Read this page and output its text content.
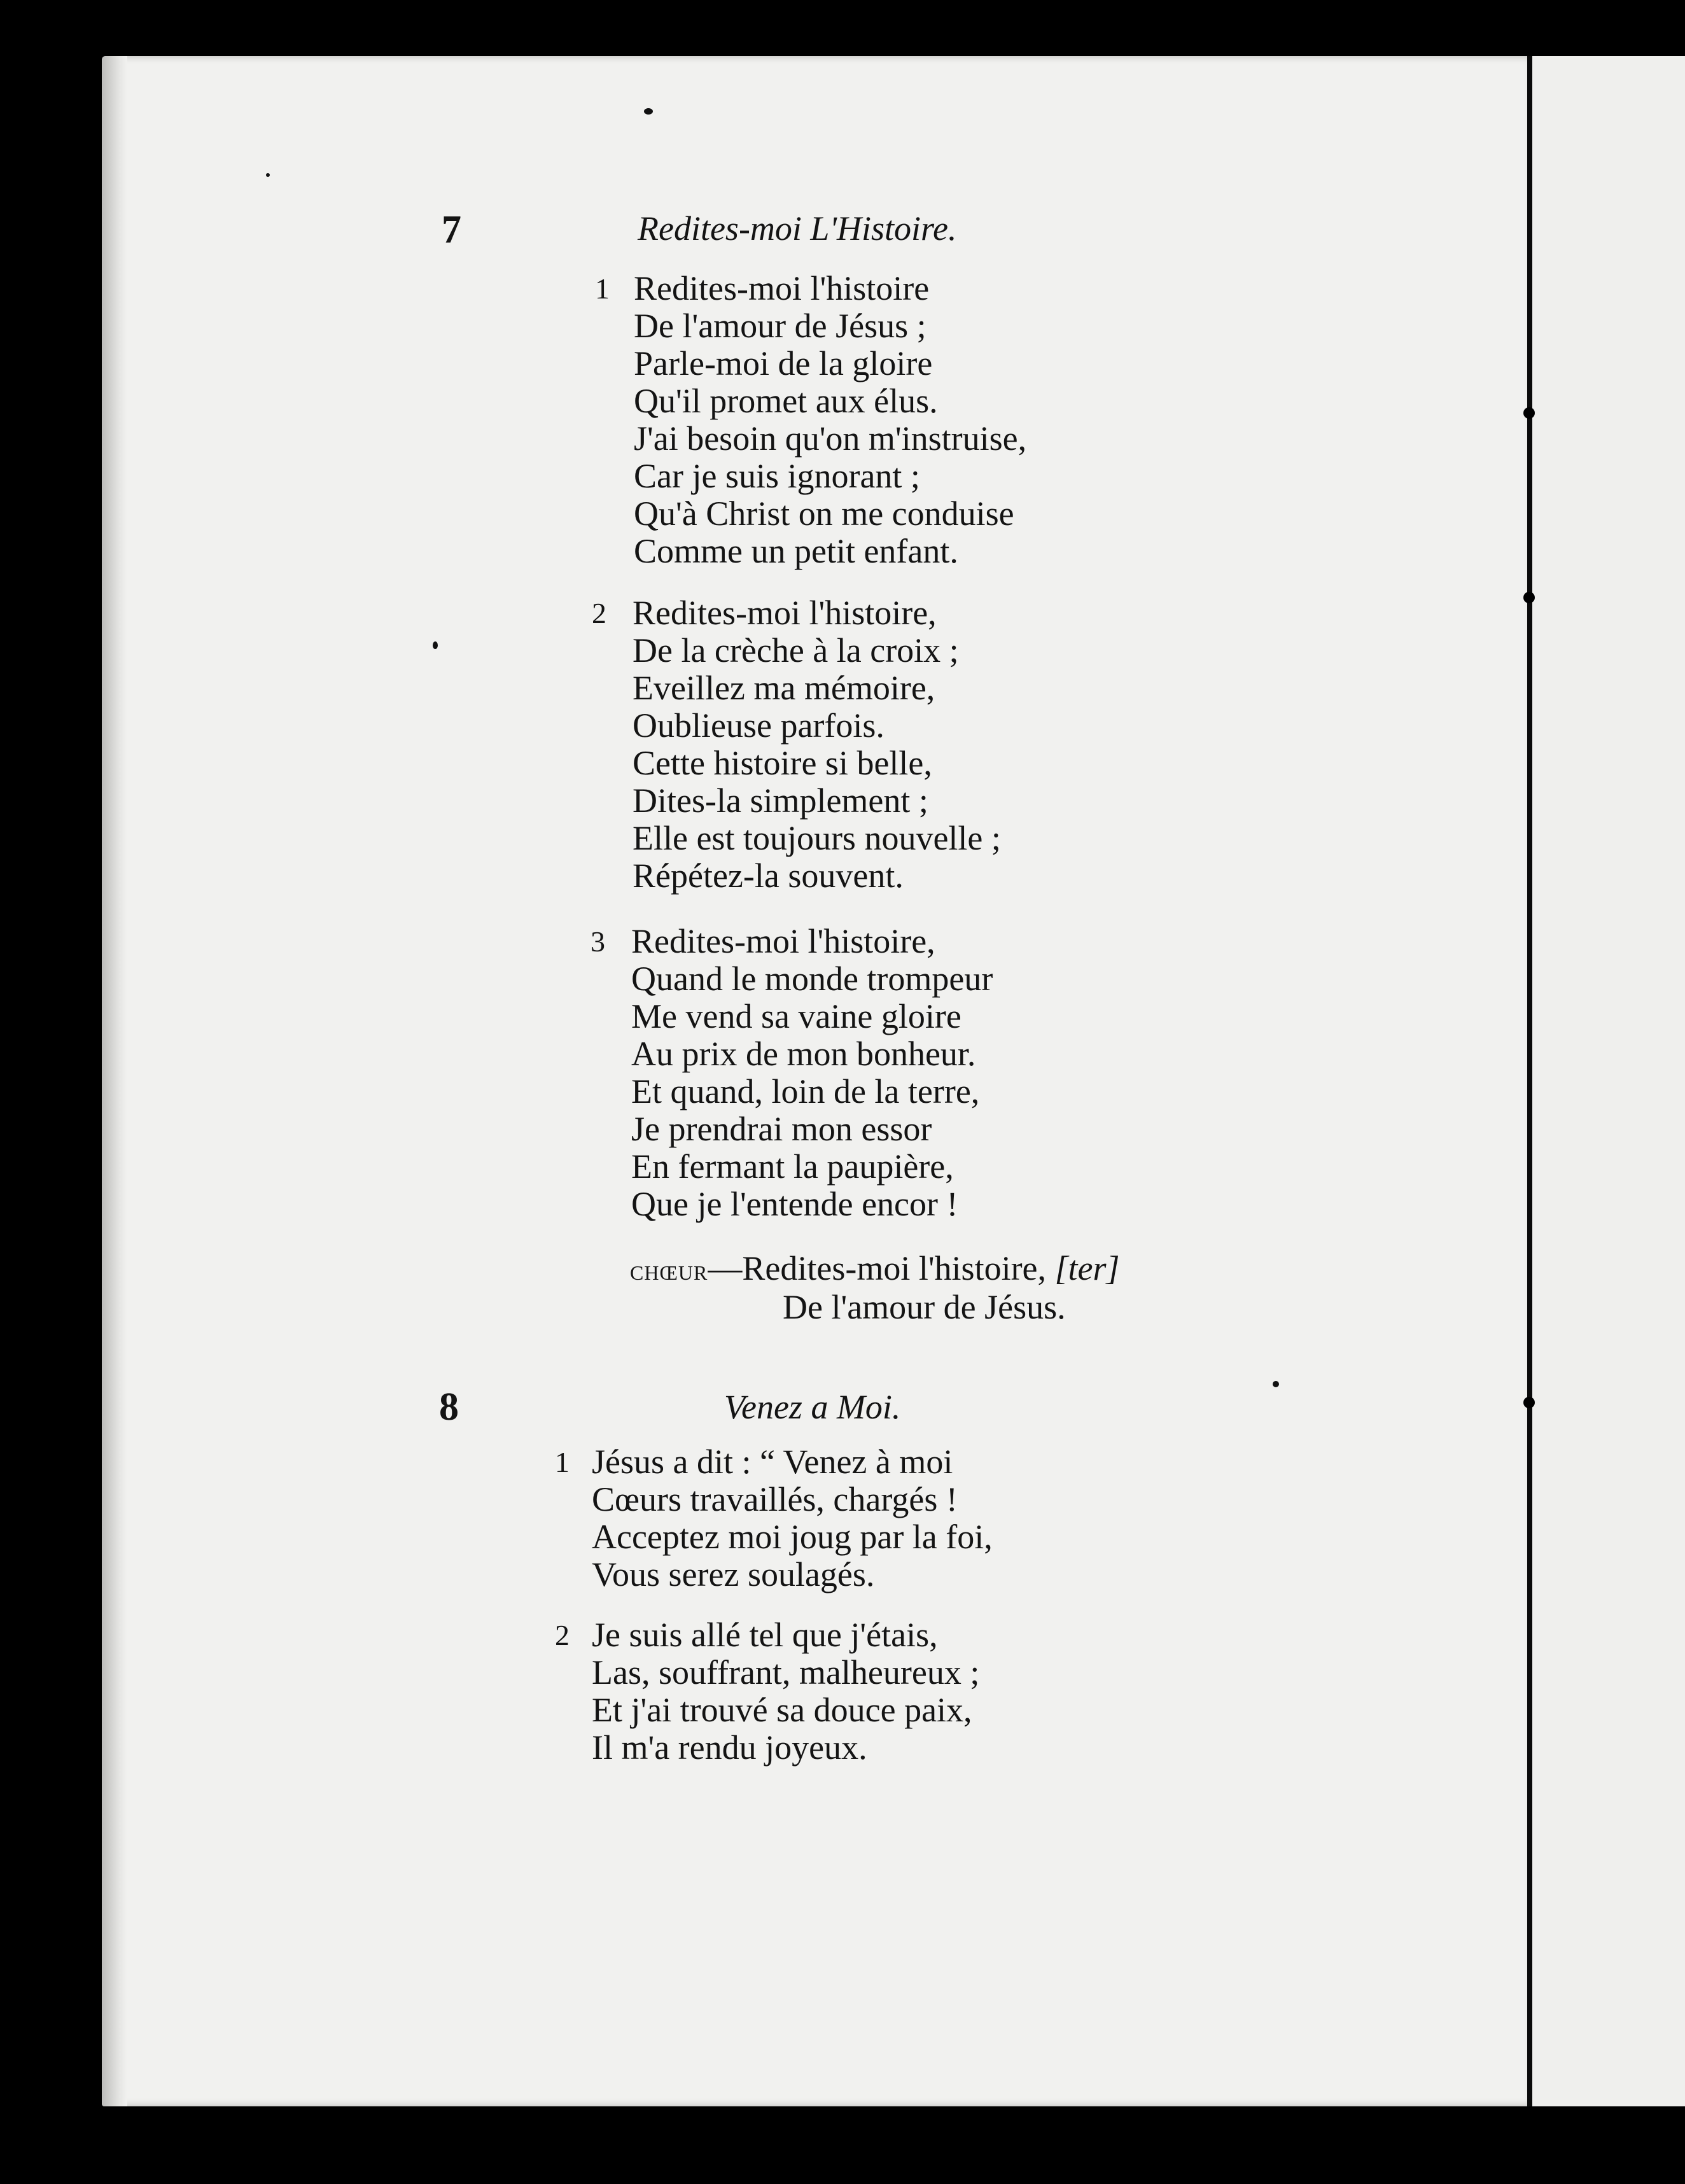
7	Redites-moi L'Histoire.
1 Redites-moi l'histoire
De l'amour de Jésus ;
Parle-moi de la gloire
Qu'il promet aux élus.
J'ai besoin qu'on m'instruise,
Car je suis ignorant ;
Qu'à Christ on me conduise
Comme un petit enfant.
2 Redites-moi l'histoire,
De la crèche à la croix ;
Eveillez ma mémoire,
Oublieuse parfois.
Cette histoire si belle,
Dites-la simplement ;
Elle est toujours nouvelle ;
Répétez-la souvent.
3 Redites-moi l'histoire,
Quand le monde trompeur
Me vend sa vaine gloire
Au prix de mon bonheur.
Et quand, loin de la terre,
Je prendrai mon essor
En fermant la paupière,
Que je l'entende encor !
chœur—Redites-moi l'histoire, [ter]
De l'amour de Jésus.
8	Venez a Moi.
1 Jésus a dit : “ Venez à moi
Cœurs travaillés, chargés !
Acceptez moi joug par la foi,
Vous serez soulagés.
2 Je suis allé tel que j'étais,
Las, souffrant, malheureux ;
Et j'ai trouvé sa douce paix,
Il m'a rendu joyeux.
